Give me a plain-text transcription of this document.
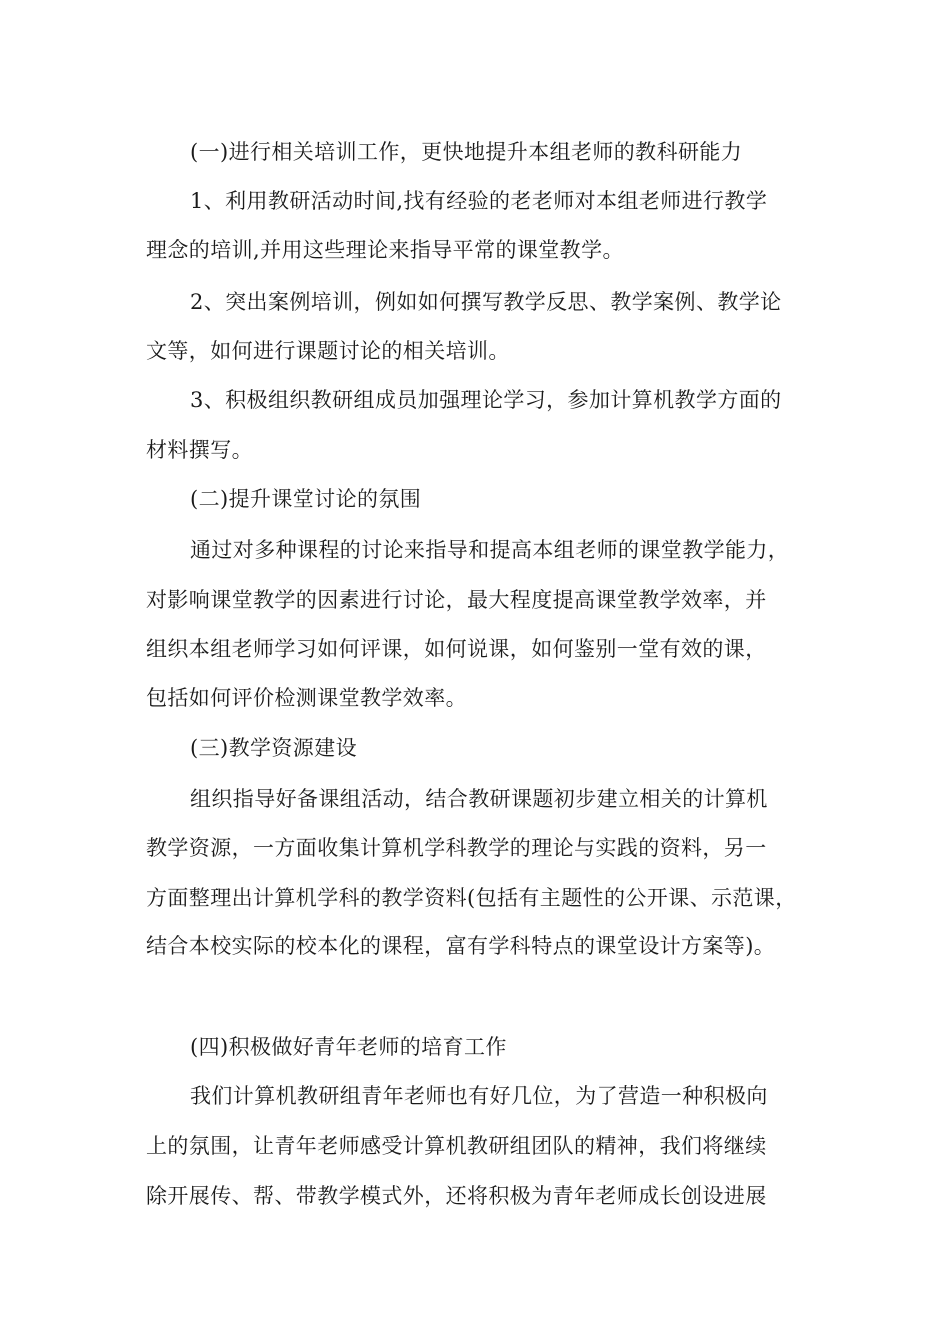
(一)进行相关培训工作，更快地提升本组老师的教科研能力
1、利用教研活动时间,找有经验的老老师对本组老师进行教学
理念的培训,并用这些理论来指导平常的课堂教学。
2、突出案例培训，例如如何撰写教学反思、教学案例、教学论
文等，如何进行课题讨论的相关培训。
3、积极组织教研组成员加强理论学习，参加计算机教学方面的
材料撰写。
(二)提升课堂讨论的氛围
通过对多种课程的讨论来指导和提高本组老师的课堂教学能力，
对影响课堂教学的因素进行讨论，最大程度提高课堂教学效率，并
组织本组老师学习如何评课，如何说课，如何鉴别一堂有效的课，
包括如何评价检测课堂教学效率。
(三)教学资源建设
组织指导好备课组活动，结合教研课题初步建立相关的计算机
教学资源，一方面收集计算机学科教学的理论与实践的资料，另一
方面整理出计算机学科的教学资料(包括有主题性的公开课、示范课，
结合本校实际的校本化的课程，富有学科特点的课堂设计方案等)。
(四)积极做好青年老师的培育工作
我们计算机教研组青年老师也有好几位，为了营造一种积极向
上的氛围，让青年老师感受计算机教研组团队的精神，我们将继续
除开展传、帮、带教学模式外，还将积极为青年老师成长创设进展
